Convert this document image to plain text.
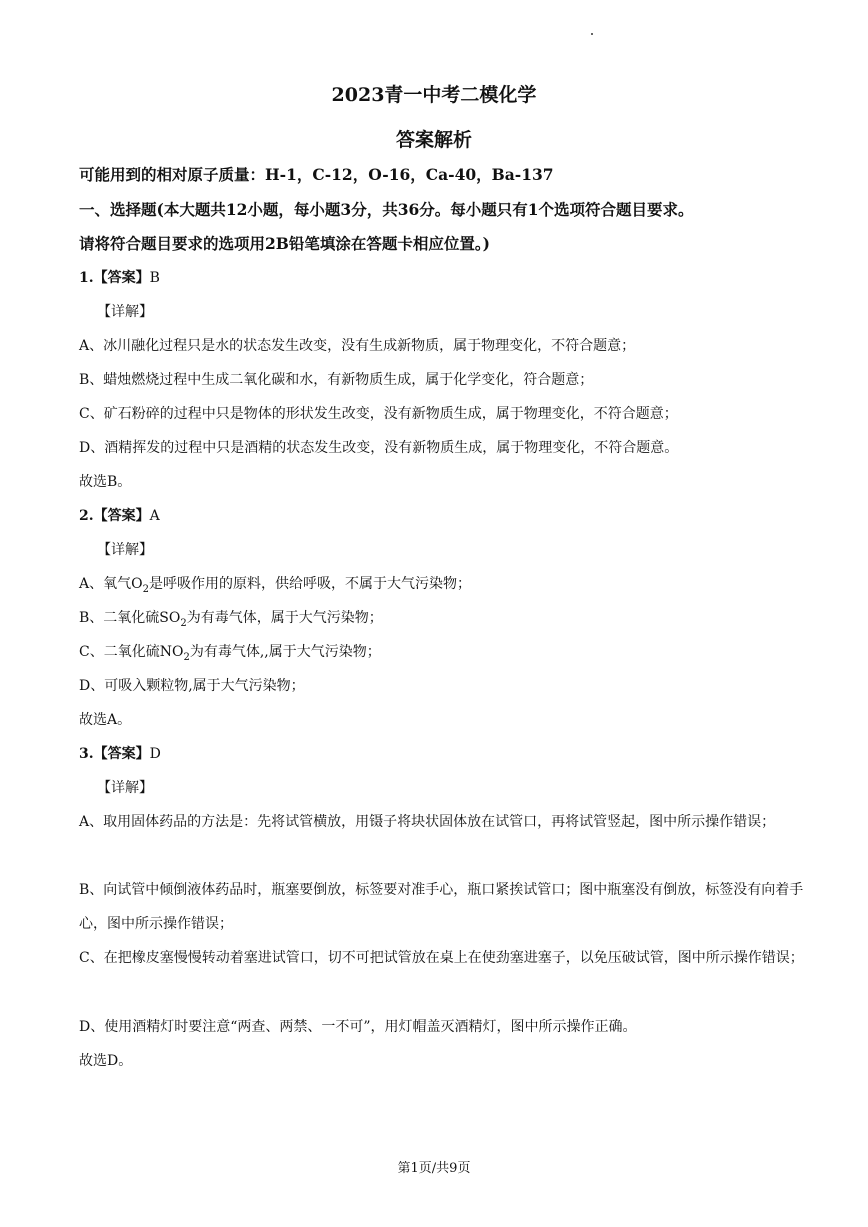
2023青一中考二模化学
答案解析
可能用到的相对原子质量：H-1，C-12，O-16，Ca-40，Ba-137
一、选择题(本大题共12小题，每小题3分，共36分。每小题只有1个选项符合题目要求。
请将符合题目要求的选项用2B铅笔填涂在答题卡相应位置。)
1.【答案】B
【详解】
A、冰川融化过程只是水的状态发生改变，没有生成新物质，属于物理变化，不符合题意；
B、蜡烛燃烧过程中生成二氧化碳和水，有新物质生成，属于化学变化，符合题意；
C、矿石粉碎的过程中只是物体的形状发生改变，没有新物质生成，属于物理变化，不符合题意；
D、酒精挥发的过程中只是酒精的状态发生改变，没有新物质生成，属于物理变化，不符合题意。
故选B。
2.【答案】A
【详解】
A、氧气$O_2$是呼吸作用的原料，供给呼吸，不属于大气污染物；
B、二氧化硫$SO_2$为有毒气体，属于大气污染物；
C、二氧化硫$NO_2$为有毒气体,,属于大气污染物；
D、可吸入颗粒物,属于大气污染物；
故选A。
3.【答案】D
【详解】
A、取用固体药品的方法是：先将试管横放，用镊子将块状固体放在试管口，再将试管竖起，图中所示操作错误；
B、向试管中倾倒液体药品时，瓶塞要倒放，标签要对准手心，瓶口紧挨试管口；图中瓶塞没有倒放，标签没有向着手心，图中所示操作错误；
C、在把橡皮塞慢慢转动着塞进试管口，切不可把试管放在桌上在使劲塞进塞子，以免压破试管，图中所示操作错误；
D、使用酒精灯时要注意“两查、两禁、一不可”，用灯帽盖灭酒精灯，图中所示操作正确。
故选D。
第1页/共9页
